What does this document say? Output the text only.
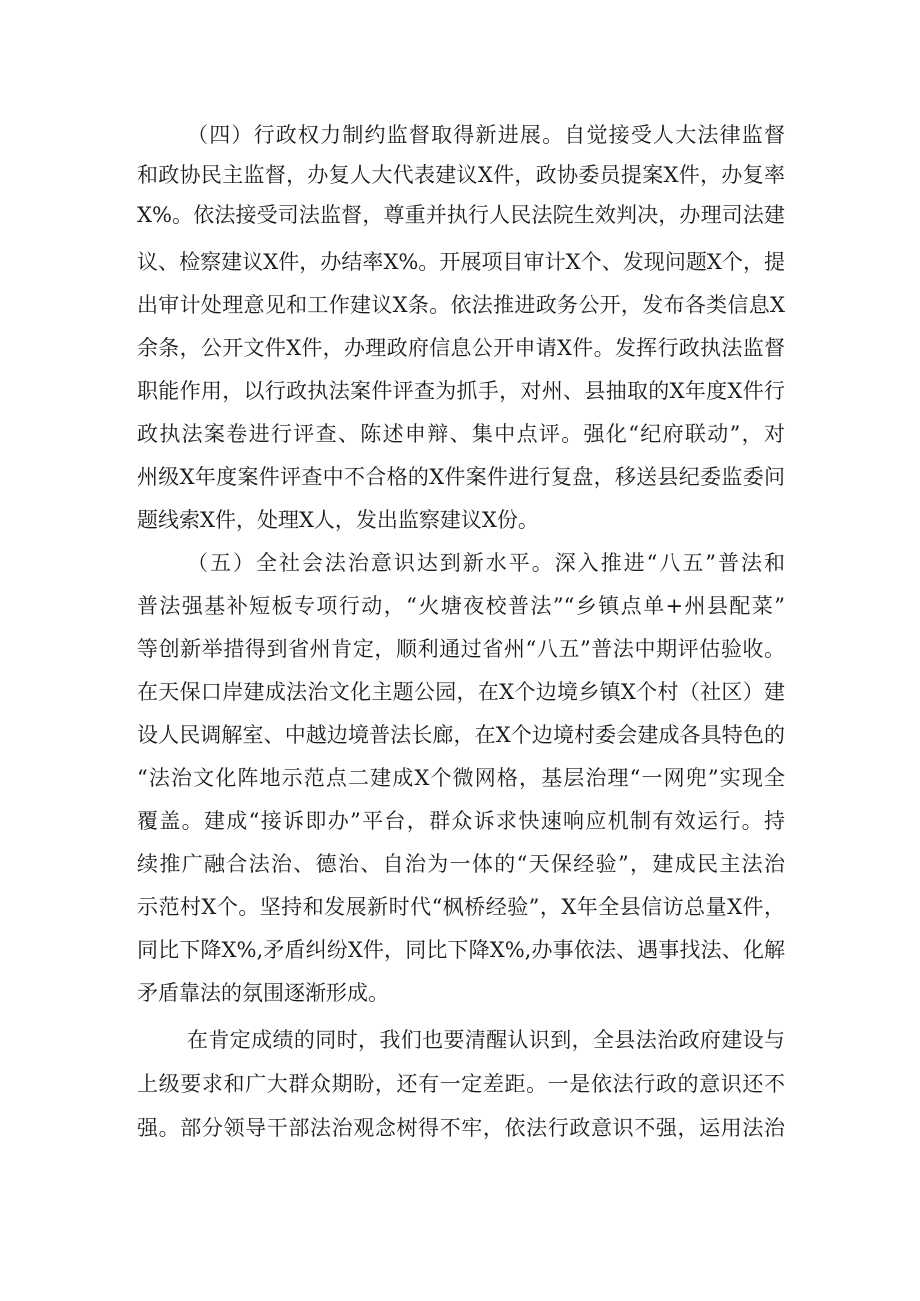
（四）行政权力制约监督取得新进展。自觉接受人大法律监督
和政协民主监督，办复人大代表建议X件，政协委员提案X件，办复率
X%。依法接受司法监督，尊重并执行人民法院生效判决，办理司法建
议、检察建议X件，办结率X%。开展项目审计X个、发现问题X个，提
出审计处理意见和工作建议X条。依法推进政务公开，发布各类信息X
余条，公开文件X件，办理政府信息公开申请X件。发挥行政执法监督
职能作用，以行政执法案件评查为抓手，对州、县抽取的X年度X件行
政执法案卷进行评查、陈述申辩、集中点评。强化“纪府联动”，对
州级X年度案件评查中不合格的X件案件进行复盘，移送县纪委监委问
题线索X件，处理X人，发出监察建议X份。
（五）全社会法治意识达到新水平。深入推进“八五”普法和
普法强基补短板专项行动，“火塘夜校普法”“乡镇点单+州县配菜”
等创新举措得到省州肯定，顺利通过省州“八五”普法中期评估验收。
在天保口岸建成法治文化主题公园，在X个边境乡镇X个村（社区）建
设人民调解室、中越边境普法长廊，在X个边境村委会建成各具特色的
“法治文化阵地示范点二建成X个微网格，基层治理“一网兜”实现全
覆盖。建成“接诉即办”平台，群众诉求快速响应机制有效运行。持
续推广融合法治、德治、自治为一体的“天保经验”，建成民主法治
示范村X个。坚持和发展新时代“枫桥经验”，X年全县信访总量X件，
同比下降X%,矛盾纠纷X件，同比下降X%,办事依法、遇事找法、化解
矛盾靠法的氛围逐渐形成。
在肯定成绩的同时，我们也要清醒认识到，全县法治政府建设与
上级要求和广大群众期盼，还有一定差距。一是依法行政的意识还不
强。部分领导干部法治观念树得不牢，依法行政意识不强，运用法治
